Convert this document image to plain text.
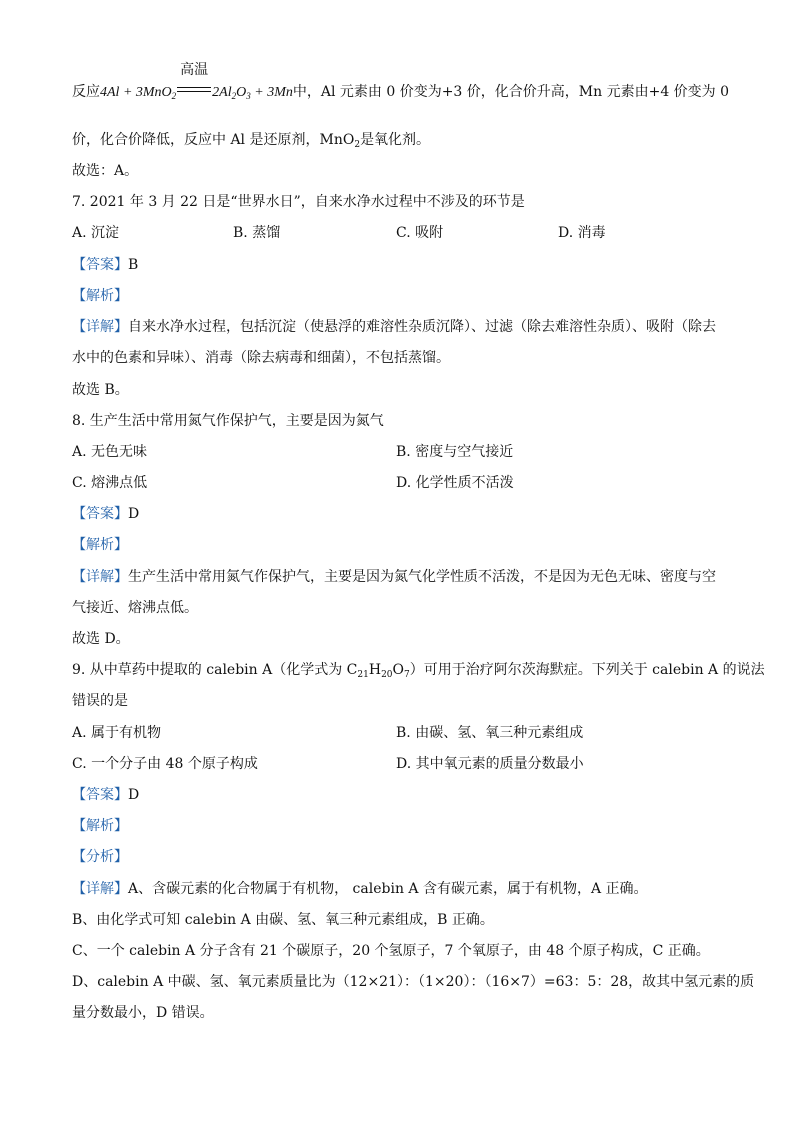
反应4Al + 3MnO$_2$
高温
$2Al_2O_3 + 3Mn$中，Al 元素由 0 价变为+3 价，化合价升高，Mn 元素由+4 价变为 0
价，化合价降低，反应中 Al 是还原剂，MnO$_2$是氧化剂。
故选：A。
7. 2021 年 3 月 22 日是“世界水日”，自来水净水过程中不涉及的环节是
A. 沉淀	B. 蒸馏	C. 吸附	D. 消毒
【答案】B
【解析】
【详解】自来水净水过程，包括沉淀（使悬浮的难溶性杂质沉降）、过滤（除去难溶性杂质）、吸附（除去
水中的色素和异味）、消毒（除去病毒和细菌），不包括蒸馏。
故选 B。
8. 生产生活中常用氮气作保护气，主要是因为氮气
A. 无色无味	B. 密度与空气接近
C. 熔沸点低	D. 化学性质不活泼
【答案】D
【解析】
【详解】生产生活中常用氮气作保护气，主要是因为氮气化学性质不活泼，不是因为无色无味、密度与空
气接近、熔沸点低。
故选 D。
9. 从中草药中提取的 calebin A（化学式为 $C_{21}H_{20}O_7$）可用于治疗阿尔茨海默症。下列关于 calebin A 的说法
错误的是
A. 属于有机物	B. 由碳、氢、氧三种元素组成
C. 一个分子由 48 个原子构成	D. 其中氧元素的质量分数最小
【答案】D
【解析】
【分析】
【详解】A、含碳元素的化合物属于有机物， calebin A 含有碳元素，属于有机物，A 正确。
B、由化学式可知 calebin A 由碳、氢、氧三种元素组成，B 正确。
C、一个 calebin A 分子含有 21 个碳原子，20 个氢原子，7 个氧原子，由 48 个原子构成，C 正确。
D、calebin A 中碳、氢、氧元素质量比为（12×21）：（1×20）：（16×7）=63：5：28，故其中氢元素的质
量分数最小，D 错误。
